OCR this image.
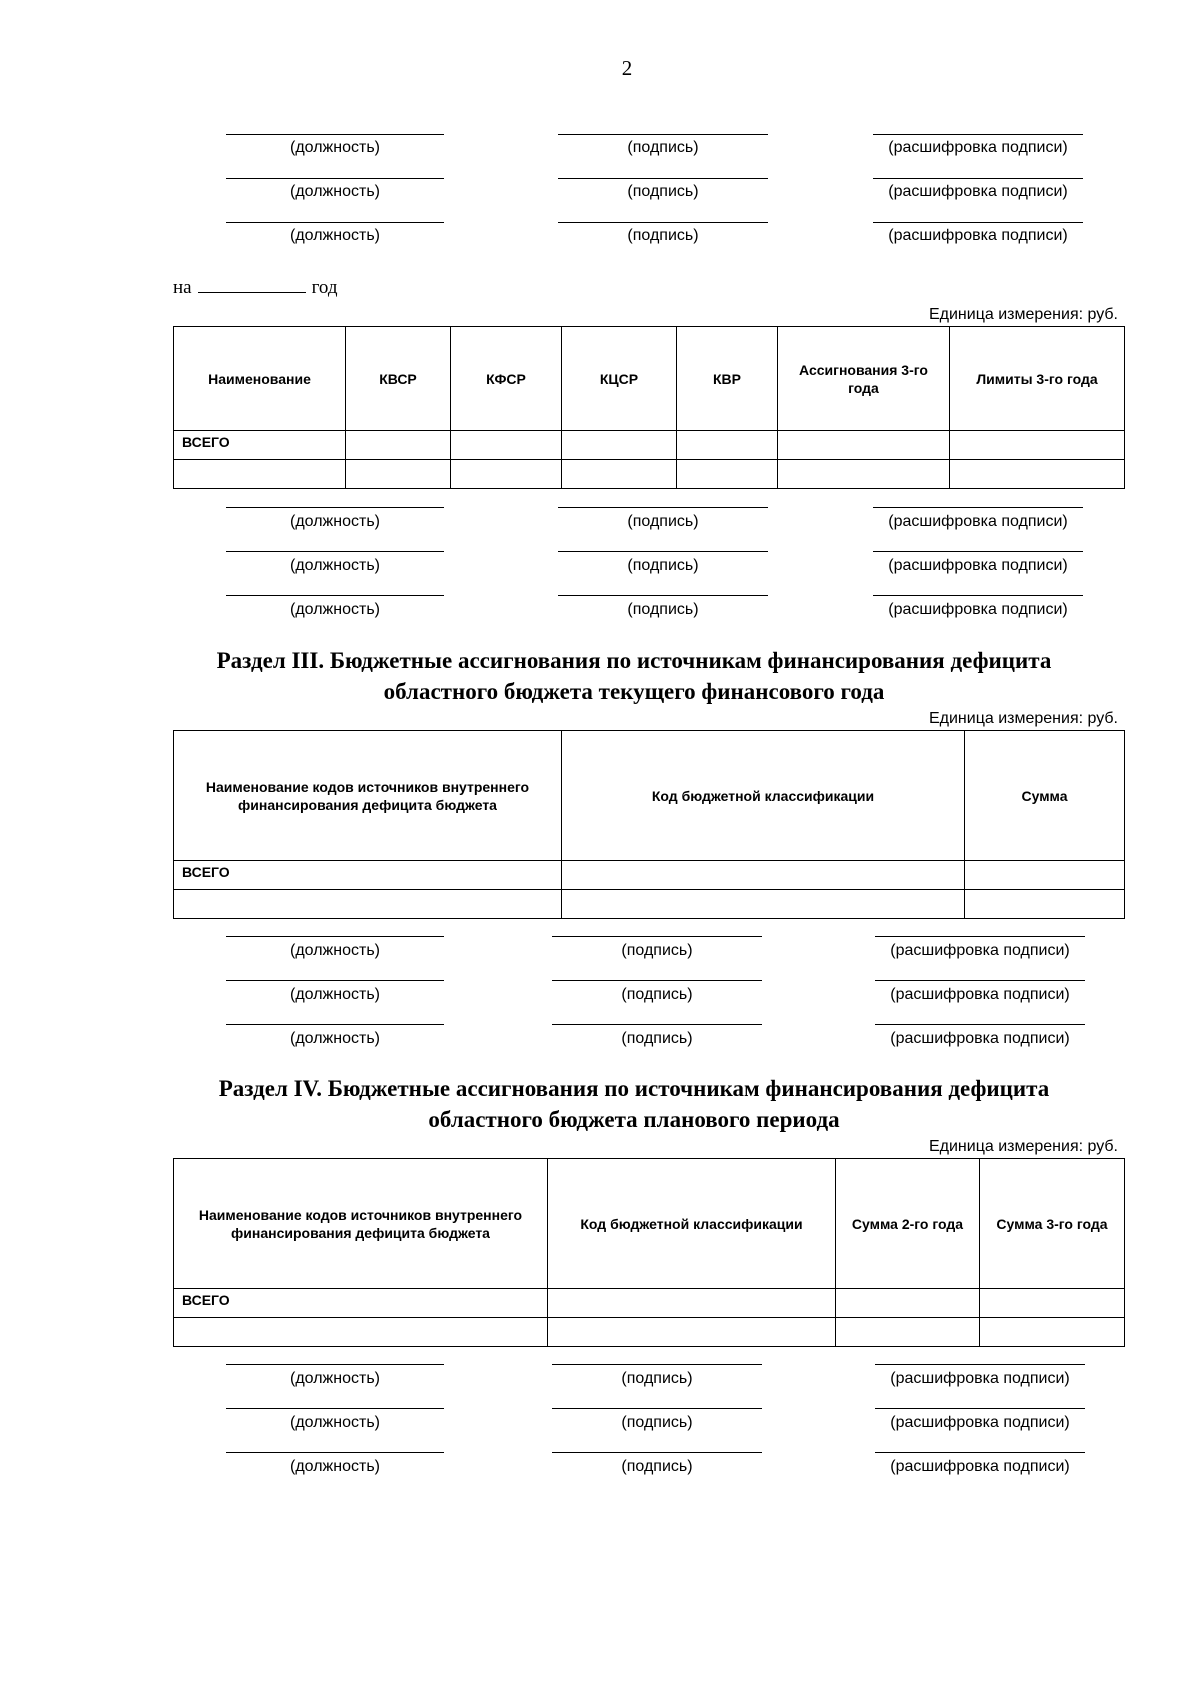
2
(должность)	(подпись)	(расшифровка подписи)
(должность)	(подпись)	(расшифровка подписи)
(должность)	(подпись)	(расшифровка подписи)
на	год
Единица измерения: руб.
Наименование	КВСР	КФСР	КЦСР	КВР	Ассигнования 3-го года	Лимиты 3-го года
ВСЕГО						

(должность)	(подпись)	(расшифровка подписи)
(должность)	(подпись)	(расшифровка подписи)
(должность)	(подпись)	(расшифровка подписи)
Раздел III. Бюджетные ассигнования по источникам финансирования дефицита областного бюджета текущего финансового года
Единица измерения: руб.
Наименование кодов источников внутреннего финансирования дефицита бюджета	Код бюджетной классификации	Сумма
ВСЕГО		

(должность)	(подпись)	(расшифровка подписи)
(должность)	(подпись)	(расшифровка подписи)
(должность)	(подпись)	(расшифровка подписи)
Раздел IV. Бюджетные ассигнования по источникам финансирования дефицита областного бюджета планового периода
Единица измерения: руб.
Наименование кодов источников внутреннего финансирования дефицита бюджета	Код бюджетной классификации	Сумма 2-го года	Сумма 3-го года
ВСЕГО			

(должность)	(подпись)	(расшифровка подписи)
(должность)	(подпись)	(расшифровка подписи)
(должность)	(подпись)	(расшифровка подписи)
